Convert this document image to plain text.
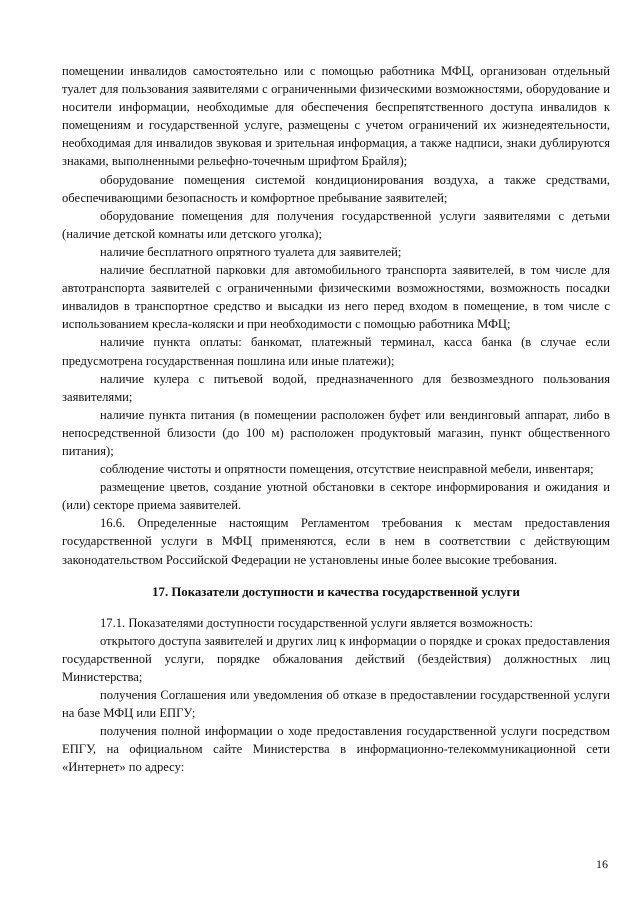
помещении инвалидов самостоятельно или с помощью работника МФЦ, организован отдельный туалет для пользования заявителями с ограниченными физическими возможностями, оборудование и носители информации, необходимые для обеспечения беспрепятственного доступа инвалидов к помещениям и государственной услуге, размещены с учетом ограничений их жизнедеятельности, необходимая для инвалидов звуковая и зрительная информация, а также надписи, знаки дублируются знаками, выполненными рельефно-точечным шрифтом Брайля);

оборудование помещения системой кондиционирования воздуха, а также средствами, обеспечивающими безопасность и комфортное пребывание заявителей;

оборудование помещения для получения государственной услуги заявителями с детьми (наличие детской комнаты или детского уголка);

наличие бесплатного опрятного туалета для заявителей;

наличие бесплатной парковки для автомобильного транспорта заявителей, в том числе для автотранспорта заявителей с ограниченными физическими возможностями, возможность посадки инвалидов в транспортное средство и высадки из него перед входом в помещение, в том числе с использованием кресла-коляски и при необходимости с помощью работника МФЦ;

наличие пункта оплаты: банкомат, платежный терминал, касса банка (в случае если предусмотрена государственная пошлина или иные платежи);

наличие кулера с питьевой водой, предназначенного для безвозмездного пользования заявителями;

наличие пункта питания (в помещении расположен буфет или вендинговый аппарат, либо в непосредственной близости (до 100 м) расположен продуктовый магазин, пункт общественного питания);

соблюдение чистоты и опрятности помещения, отсутствие неисправной мебели, инвентаря;

размещение цветов, создание уютной обстановки в секторе информирования и ожидания и (или) секторе приема заявителей.

16.6. Определенные настоящим Регламентом требования к местам предоставления государственной услуги в МФЦ применяются, если в нем в соответствии с действующим законодательством Российской Федерации не установлены иные более высокие требования.

17. Показатели доступности и качества государственной услуги

17.1. Показателями доступности государственной услуги является возможность:

открытого доступа заявителей и других лиц к информации о порядке и сроках предоставления государственной услуги, порядке обжалования действий (бездействия) должностных лиц Министерства;

получения Соглашения или уведомления об отказе в предоставлении государственной услуги на базе МФЦ или ЕПГУ;

получения полной информации о ходе предоставления государственной услуги посредством ЕПГУ, на официальном сайте Министерства в информационно-телекоммуникационной сети «Интернет» по адресу:

16
